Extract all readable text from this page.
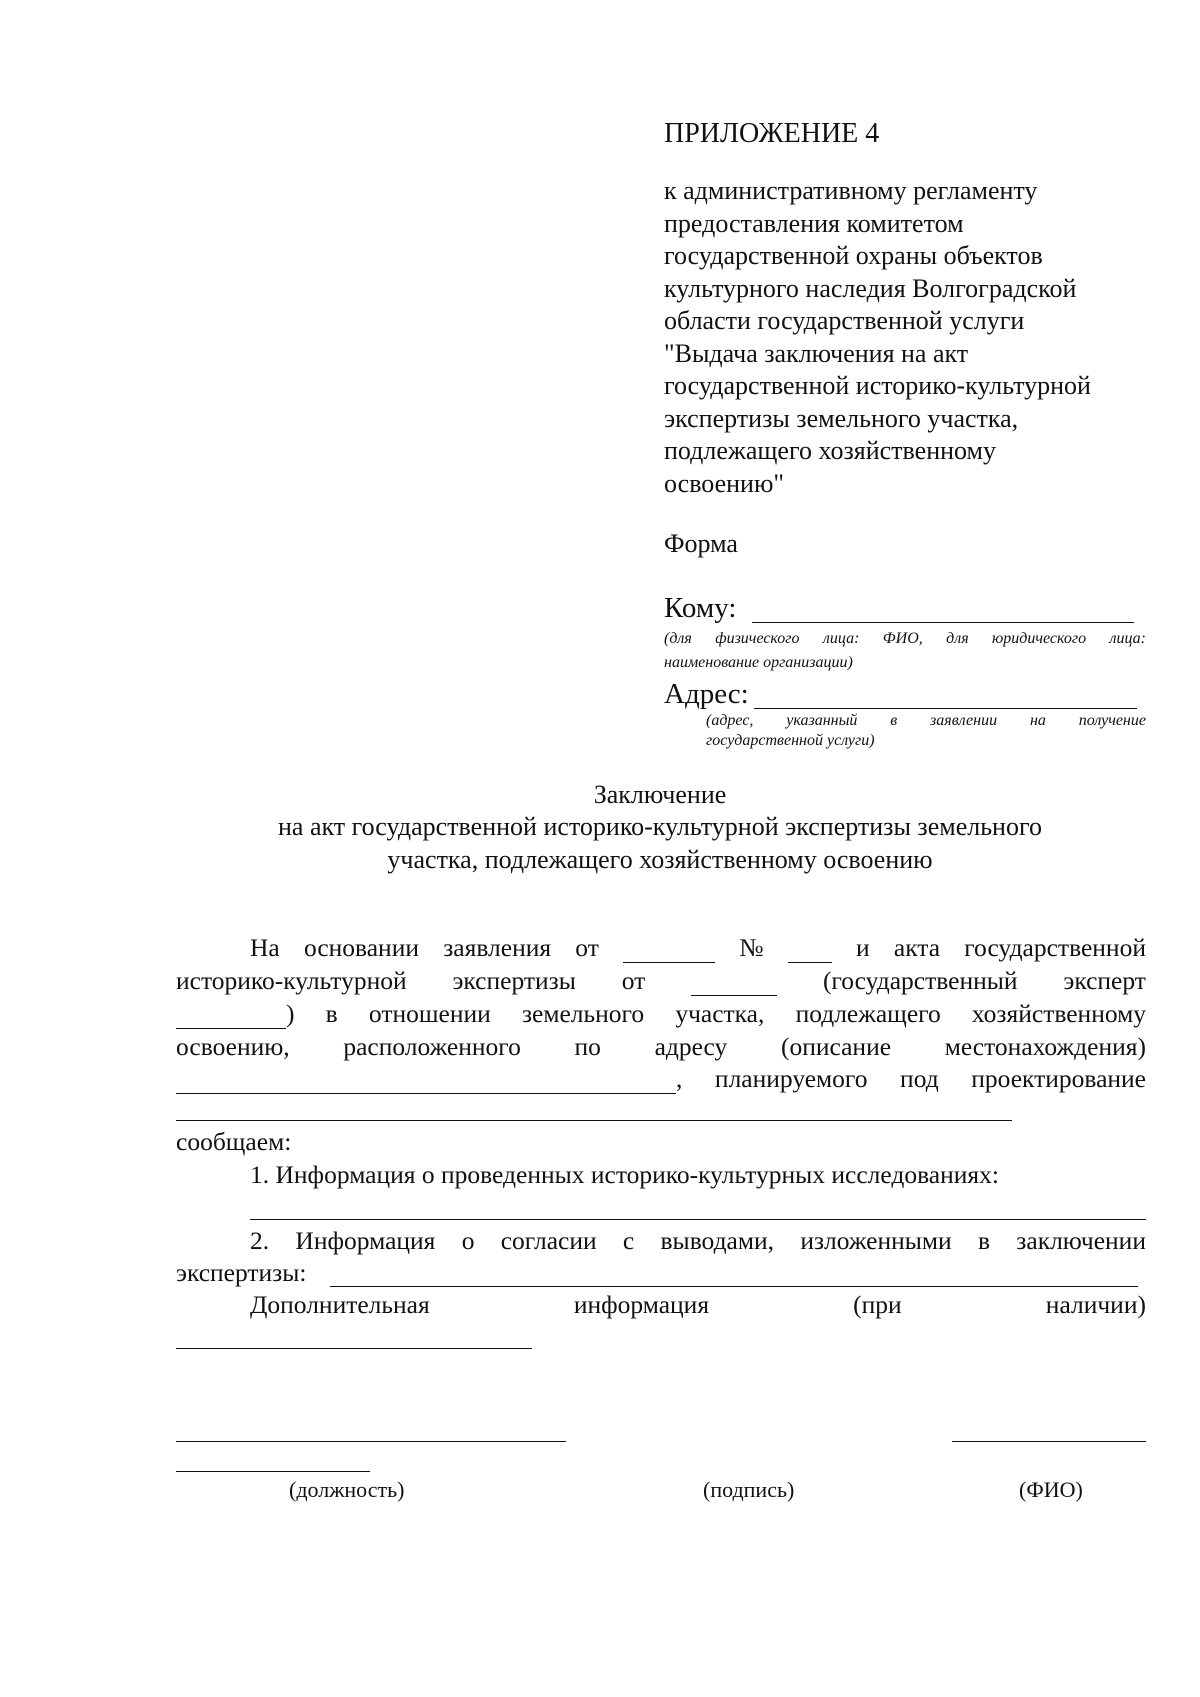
ПРИЛОЖЕНИЕ 4
к административному регламенту
предоставления комитетом
государственной охраны объектов
культурного наследия Волгоградской
области государственной услуги
"Выдача заключения на акт
государственной историко-культурной
экспертизы земельного участка,
подлежащего хозяйственному
освоению"
Форма
Кому:
(для физического лица: ФИО, для юридического лица:
наименование организации)
Адрес:
(адрес, указанный в заявлении на получение
государственной услуги)
Заключение
на акт государственной историко-культурной экспертизы земельного
участка, подлежащего хозяйственному освоению
На основании заявления от	№	и акта государственной
историко-культурной экспертизы от	(государственный эксперт
) в отношении земельного участка, подлежащего хозяйственному
освоению, расположенного по адресу (описание местонахождения)
, планируемого под проектирование
сообщаем:
1. Информация о проведенных историко-культурных исследованиях:
2. Информация о согласии с выводами, изложенными в заключении
экспертизы:
Дополнительная	информация	(при	наличии)
(должность)	(подпись)	(ФИО)
